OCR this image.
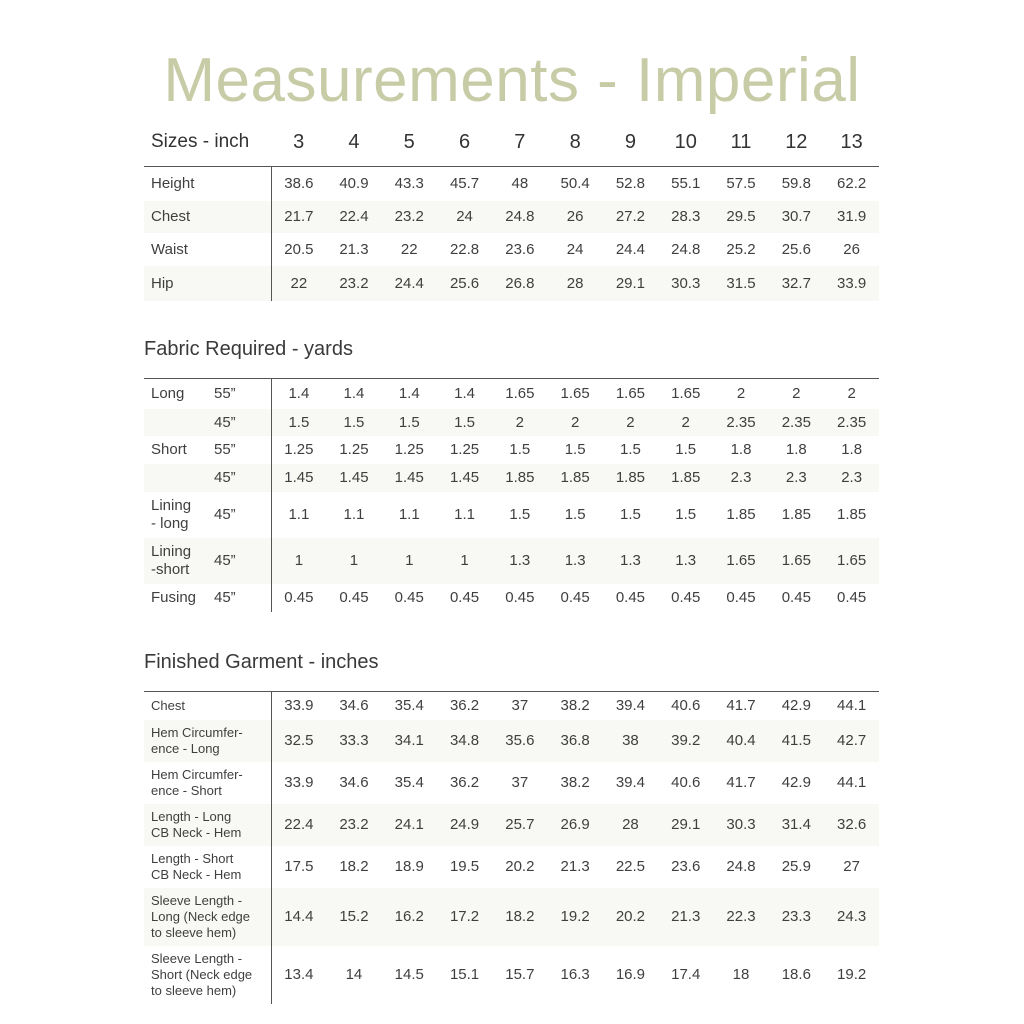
Measurements - Imperial
Sizes - inch	3	4	5	6	7	8	9	10	11	12	13
Height	38.6	40.9	43.3	45.7	48	50.4	52.8	55.1	57.5	59.8	62.2
Chest	21.7	22.4	23.2	24	24.8	26	27.2	28.3	29.5	30.7	31.9
Waist	20.5	21.3	22	22.8	23.6	24	24.4	24.8	25.2	25.6	26
Hip	22	23.2	24.4	25.6	26.8	28	29.1	30.3	31.5	32.7	33.9
Fabric Required - yards
Long	55”	1.4	1.4	1.4	1.4	1.65	1.65	1.65	1.65	2	2	2
	45”	1.5	1.5	1.5	1.5	2	2	2	2	2.35	2.35	2.35
Short	55”	1.25	1.25	1.25	1.25	1.5	1.5	1.5	1.5	1.8	1.8	1.8
	45”	1.45	1.45	1.45	1.45	1.85	1.85	1.85	1.85	2.3	2.3	2.3
Lining
- long	45”	1.1	1.1	1.1	1.1	1.5	1.5	1.5	1.5	1.85	1.85	1.85
Lining
-short	45”	1	1	1	1	1.3	1.3	1.3	1.3	1.65	1.65	1.65
Fusing	45”	0.45	0.45	0.45	0.45	0.45	0.45	0.45	0.45	0.45	0.45	0.45
Finished Garment - inches
Chest	33.9	34.6	35.4	36.2	37	38.2	39.4	40.6	41.7	42.9	44.1
Hem Circumfer-
ence - Long	32.5	33.3	34.1	34.8	35.6	36.8	38	39.2	40.4	41.5	42.7
Hem Circumfer-
ence - Short	33.9	34.6	35.4	36.2	37	38.2	39.4	40.6	41.7	42.9	44.1
Length - Long
CB Neck - Hem	22.4	23.2	24.1	24.9	25.7	26.9	28	29.1	30.3	31.4	32.6
Length - Short
CB Neck - Hem	17.5	18.2	18.9	19.5	20.2	21.3	22.5	23.6	24.8	25.9	27
Sleeve Length -
Long (Neck edge
to sleeve hem)	14.4	15.2	16.2	17.2	18.2	19.2	20.2	21.3	22.3	23.3	24.3
Sleeve Length -
Short (Neck edge
to sleeve hem)	13.4	14	14.5	15.1	15.7	16.3	16.9	17.4	18	18.6	19.2
